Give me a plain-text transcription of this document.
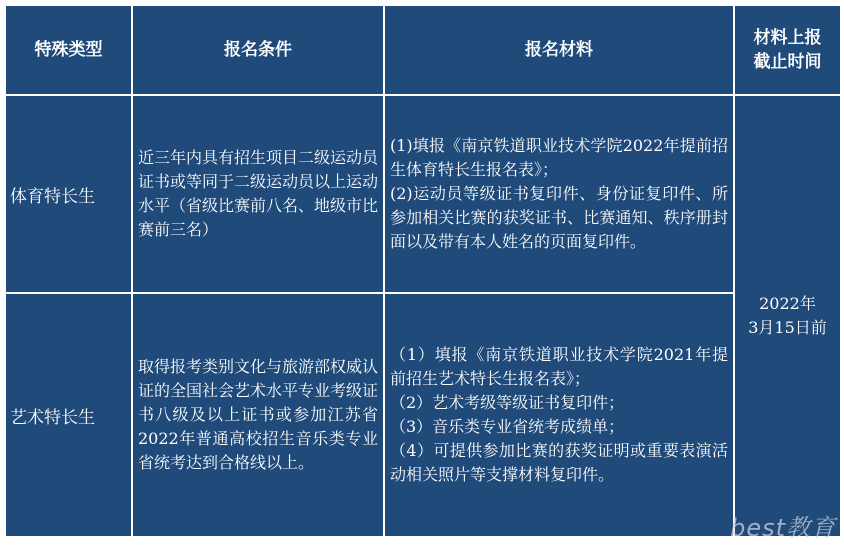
特殊类型	报名条件	报名材料	材料上报
截止时间
体育特长生	近三年内具有招生项目二级运动员证书或等同于二级运动员以上运动水平（省级比赛前八名、地级市比赛前三名）	(1)填报《南京铁道职业技术学院2022年提前招生体育特长生报名表》；
(2)运动员等级证书复印件、身份证复印件、所参加相关比赛的获奖证书、比赛通知、秩序册封面以及带有本人姓名的页面复印件。	2022年
3月15日前
艺术特长生	取得报考类别文化与旅游部权威认证的全国社会艺术水平专业考级证书八级及以上证书或参加江苏省2022年普通高校招生音乐类专业省统考达到合格线以上。	（1）填报《南京铁道职业技术学院2021年提前招生艺术特长生报名表》；
（2）艺术考级等级证书复印件；
（3）音乐类专业省统考成绩单；
（4）可提供参加比赛的获奖证明或重要表演活动相关照片等支撑材料复印件。	
best教育
